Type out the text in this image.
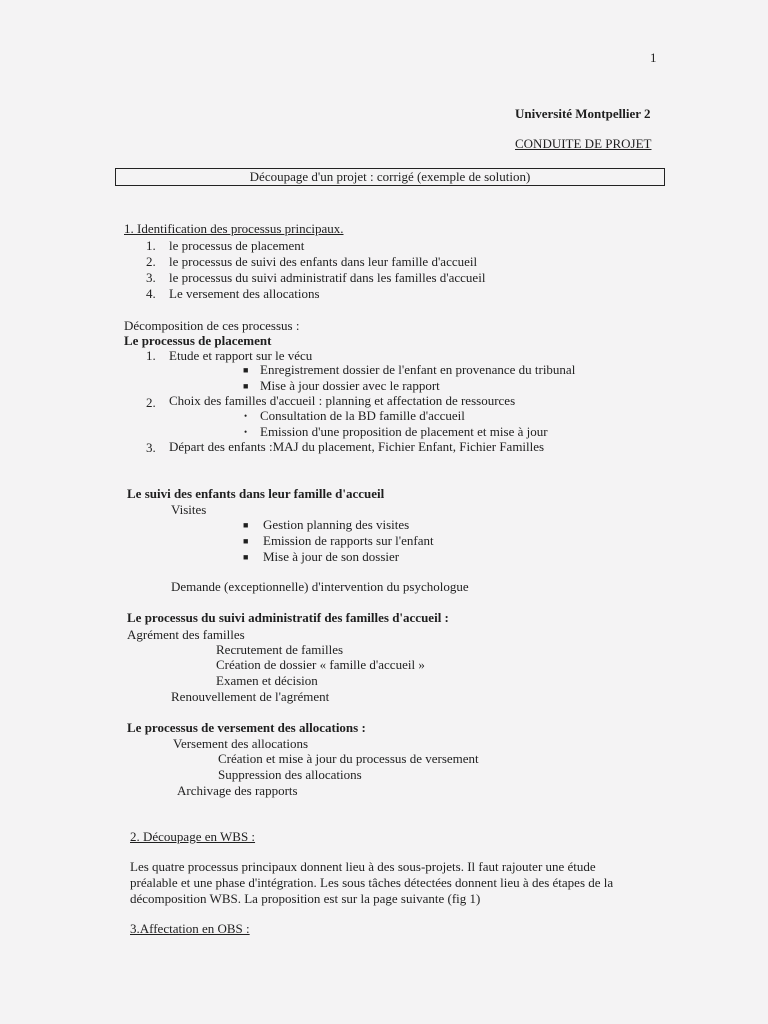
1
Université Montpellier 2
CONDUITE DE PROJET
Découpage d'un projet : corrigé (exemple de solution)
1. Identification des processus principaux.
1. le processus de placement
2. le processus de suivi des enfants dans leur famille d'accueil
3. le processus du suivi administratif dans les familles d'accueil
4. Le versement des allocations
Décomposition de ces processus :
Le processus de placement
1. Etude et rapport sur le vécu
■ Enregistrement dossier de l'enfant en provenance du tribunal
■ Mise à jour dossier avec le rapport
2. Choix des familles d'accueil : planning et affectation de ressources
• Consultation de la BD famille d'accueil
• Emission d'une proposition de placement et mise à jour
3. Départ des enfants :MAJ du placement, Fichier Enfant, Fichier Familles
Le suivi des enfants dans leur famille d'accueil
Visites
■ Gestion planning des visites
■ Emission de rapports sur l'enfant
■ Mise à jour de son dossier
Demande (exceptionnelle) d'intervention du psychologue
Le processus du suivi administratif des familles d'accueil :
Agrément des familles
Recrutement de familles
Création de dossier « famille d'accueil »
Examen et décision
Renouvellement de l'agrément
Le processus de versement des allocations :
Versement des allocations
Création et mise à jour du processus de versement
Suppression des allocations
Archivage des rapports
2. Découpage en WBS :
Les quatre processus principaux donnent lieu à des sous-projets. Il faut rajouter une étude
préalable et une phase d'intégration. Les sous tâches détectées donnent lieu à des étapes de la
décomposition WBS. La proposition est sur la page suivante (fig 1)
3.Affectation en OBS :
